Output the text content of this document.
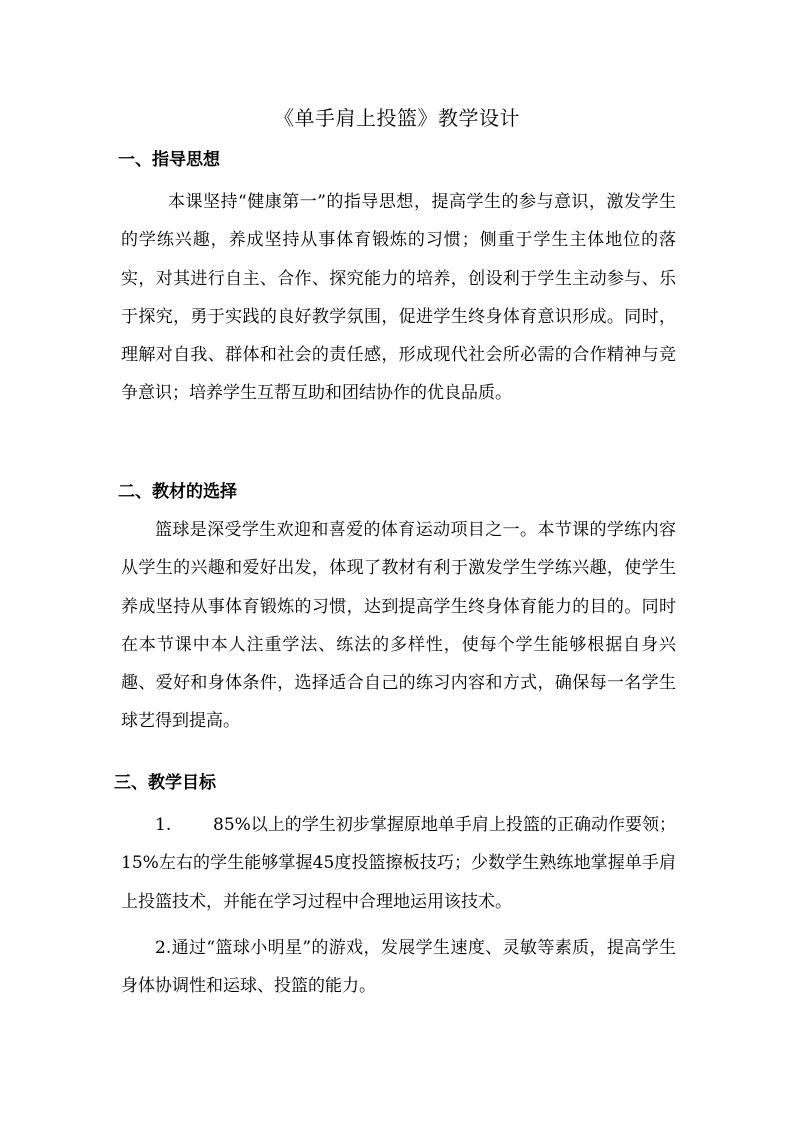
《单手肩上投篮》教学设计
一、指导思想

本课坚持“健康第一”的指导思想，提高学生的参与意识，激发学生的学练兴趣，养成坚持从事体育锻炼的习惯；侧重于学生主体地位的落实，对其进行自主、合作、探究能力的培养，创设利于学生主动参与、乐于探究，勇于实践的良好教学氛围，促进学生终身体育意识形成。同时，理解对自我、群体和社会的责任感，形成现代社会所必需的合作精神与竞争意识；培养学生互帮互助和团结协作的优良品质。

二、教材的选择

篮球是深受学生欢迎和喜爱的体育运动项目之一。本节课的学练内容从学生的兴趣和爱好出发，体现了教材有利于激发学生学练兴趣，使学生养成坚持从事体育锻炼的习惯，达到提高学生终身体育能力的目的。同时在本节课中本人注重学法、练法的多样性，使每个学生能够根据自身兴趣、爱好和身体条件，选择适合自己的练习内容和方式，确保每一名学生球艺得到提高。

三、教学目标

1. 85%以上的学生初步掌握原地单手肩上投篮的正确动作要领；15%左右的学生能够掌握45度投篮擦板技巧；少数学生熟练地掌握单手肩上投篮技术，并能在学习过程中合理地运用该技术。

2.通过“篮球小明星”的游戏，发展学生速度、灵敏等素质，提高学生身体协调性和运球、投篮的能力。
